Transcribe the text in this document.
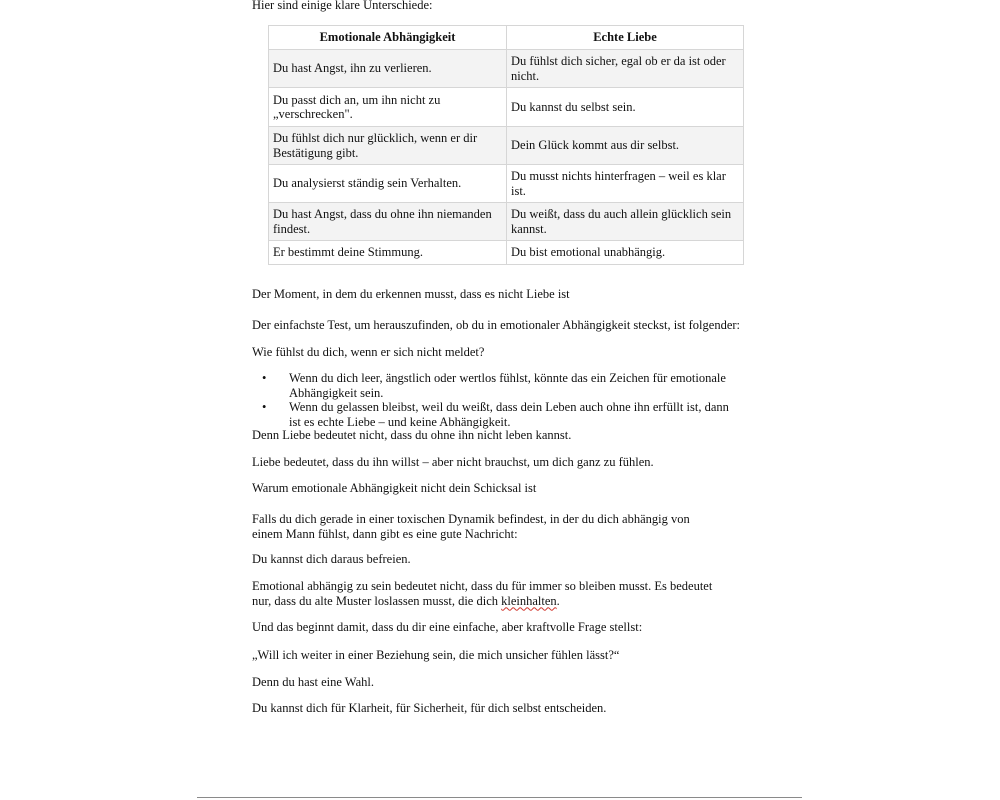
Hier sind einige klare Unterschiede:

Emotionale Abhängigkeit	Echte Liebe
Du hast Angst, ihn zu verlieren.	Du fühlst dich sicher, egal ob er da ist oder nicht.
Du passt dich an, um ihn nicht zu „verschrecken".	Du kannst du selbst sein.
Du fühlst dich nur glücklich, wenn er dir Bestätigung gibt.	Dein Glück kommt aus dir selbst.
Du analysierst ständig sein Verhalten.	Du musst nichts hinterfragen – weil es klar ist.
Du hast Angst, dass du ohne ihn niemanden findest.	Du weißt, dass du auch allein glücklich sein kannst.
Er bestimmt deine Stimmung.	Du bist emotional unabhängig.

Der Moment, in dem du erkennen musst, dass es nicht Liebe ist

Der einfachste Test, um herauszufinden, ob du in emotionaler Abhängigkeit steckst, ist folgender:

Wie fühlst du dich, wenn er sich nicht meldet?

• Wenn du dich leer, ängstlich oder wertlos fühlst, könnte das ein Zeichen für emotionale Abhängigkeit sein.
• Wenn du gelassen bleibst, weil du weißt, dass dein Leben auch ohne ihn erfüllt ist, dann ist es echte Liebe – und keine Abhängigkeit.

Denn Liebe bedeutet nicht, dass du ohne ihn nicht leben kannst.

Liebe bedeutet, dass du ihn willst – aber nicht brauchst, um dich ganz zu fühlen.

Warum emotionale Abhängigkeit nicht dein Schicksal ist

Falls du dich gerade in einer toxischen Dynamik befindest, in der du dich abhängig von einem Mann fühlst, dann gibt es eine gute Nachricht:

Du kannst dich daraus befreien.

Emotional abhängig zu sein bedeutet nicht, dass du für immer so bleiben musst. Es bedeutet nur, dass du alte Muster loslassen musst, die dich kleinhalten.

Und das beginnt damit, dass du dir eine einfache, aber kraftvolle Frage stellst:

„Will ich weiter in einer Beziehung sein, die mich unsicher fühlen lässt?“

Denn du hast eine Wahl.

Du kannst dich für Klarheit, für Sicherheit, für dich selbst entscheiden.
